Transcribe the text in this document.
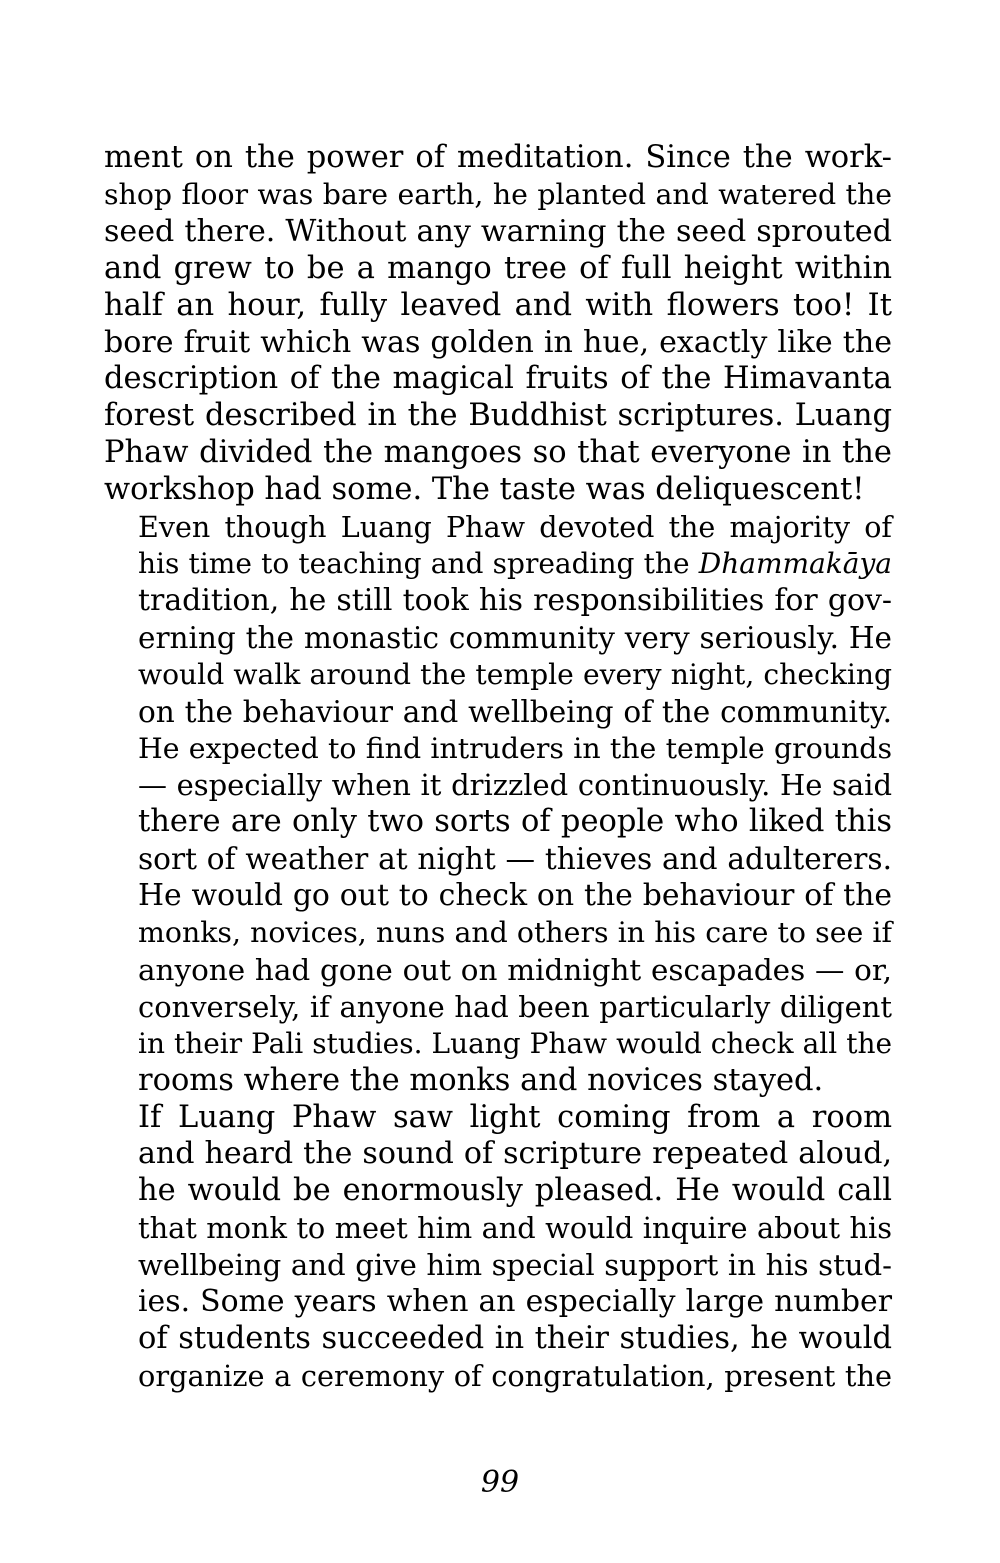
ment on the power of meditation. Since the work-
shop floor was bare earth, he planted and watered the
seed there. Without any warning the seed sprouted
and grew to be a mango tree of full height within
half an hour, fully leaved and with flowers too! It
bore fruit which was golden in hue, exactly like the
description of the magical fruits of the Himavanta
forest described in the Buddhist scriptures. Luang
Phaw divided the mangoes so that everyone in the
workshop had some. The taste was deliquescent!

Even though Luang Phaw devoted the majority of
his time to teaching and spreading the Dhammakāya
tradition, he still took his responsibilities for gov-
erning the monastic community very seriously. He
would walk around the temple every night, checking
on the behaviour and wellbeing of the community.
He expected to find intruders in the temple grounds
— especially when it drizzled continuously. He said
there are only two sorts of people who liked this
sort of weather at night — thieves and adulterers.
He would go out to check on the behaviour of the
monks, novices, nuns and others in his care to see if
anyone had gone out on midnight escapades — or,
conversely, if anyone had been particularly diligent
in their Pali studies. Luang Phaw would check all the
rooms where the monks and novices stayed.

If Luang Phaw saw light coming from a room
and heard the sound of scripture repeated aloud,
he would be enormously pleased. He would call
that monk to meet him and would inquire about his
wellbeing and give him special support in his stud-
ies. Some years when an especially large number
of students succeeded in their studies, he would
organize a ceremony of congratulation, present the

99
